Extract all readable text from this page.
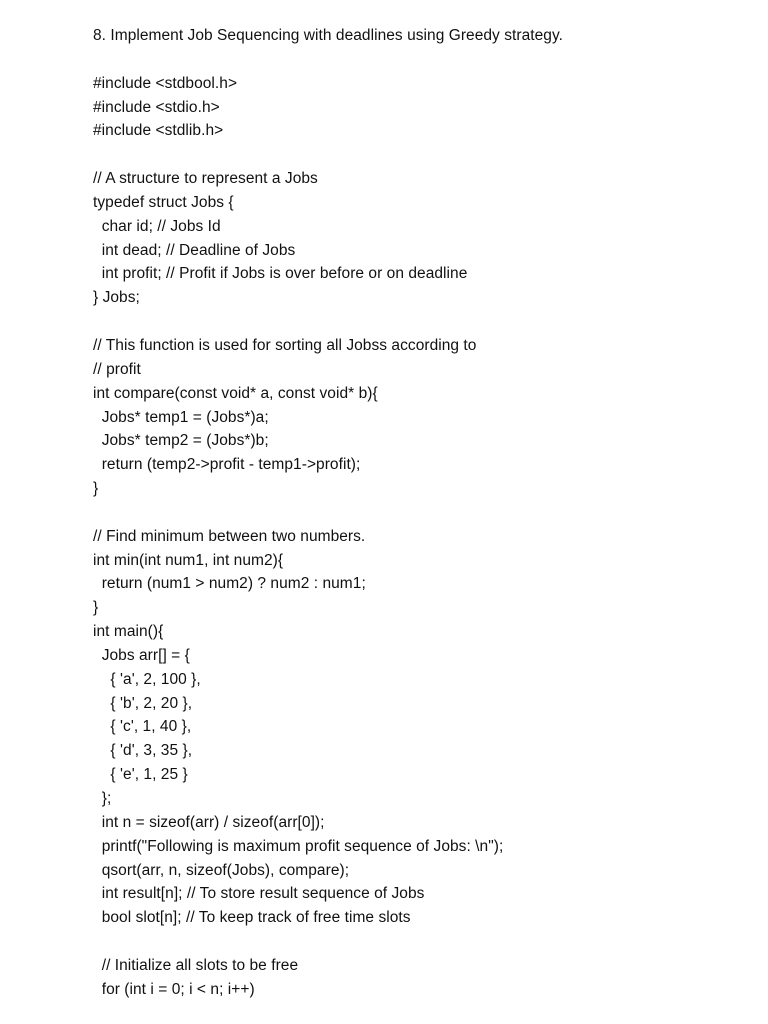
8. Implement Job Sequencing with deadlines using Greedy strategy.
#include <stdbool.h>
#include <stdio.h>
#include <stdlib.h>
// A structure to represent a Jobs
typedef struct Jobs {
char id; // Jobs Id
int dead; // Deadline of Jobs
int profit; // Profit if Jobs is over before or on deadline
} Jobs;
// This function is used for sorting all Jobss according to
// profit
int compare(const void* a, const void* b){
Jobs* temp1 = (Jobs*)a;
Jobs* temp2 = (Jobs*)b;
return (temp2->profit - temp1->profit);
}
// Find minimum between two numbers.
int min(int num1, int num2){
return (num1 > num2) ? num2 : num1;
}
int main(){
Jobs arr[] = {
{ 'a', 2, 100 },
{ 'b', 2, 20 },
{ 'c', 1, 40 },
{ 'd', 3, 35 },
{ 'e', 1, 25 }
};
int n = sizeof(arr) / sizeof(arr[0]);
printf("Following is maximum profit sequence of Jobs: \n");
qsort(arr, n, sizeof(Jobs), compare);
int result[n]; // To store result sequence of Jobs
bool slot[n]; // To keep track of free time slots
// Initialize all slots to be free
for (int i = 0; i < n; i++)
